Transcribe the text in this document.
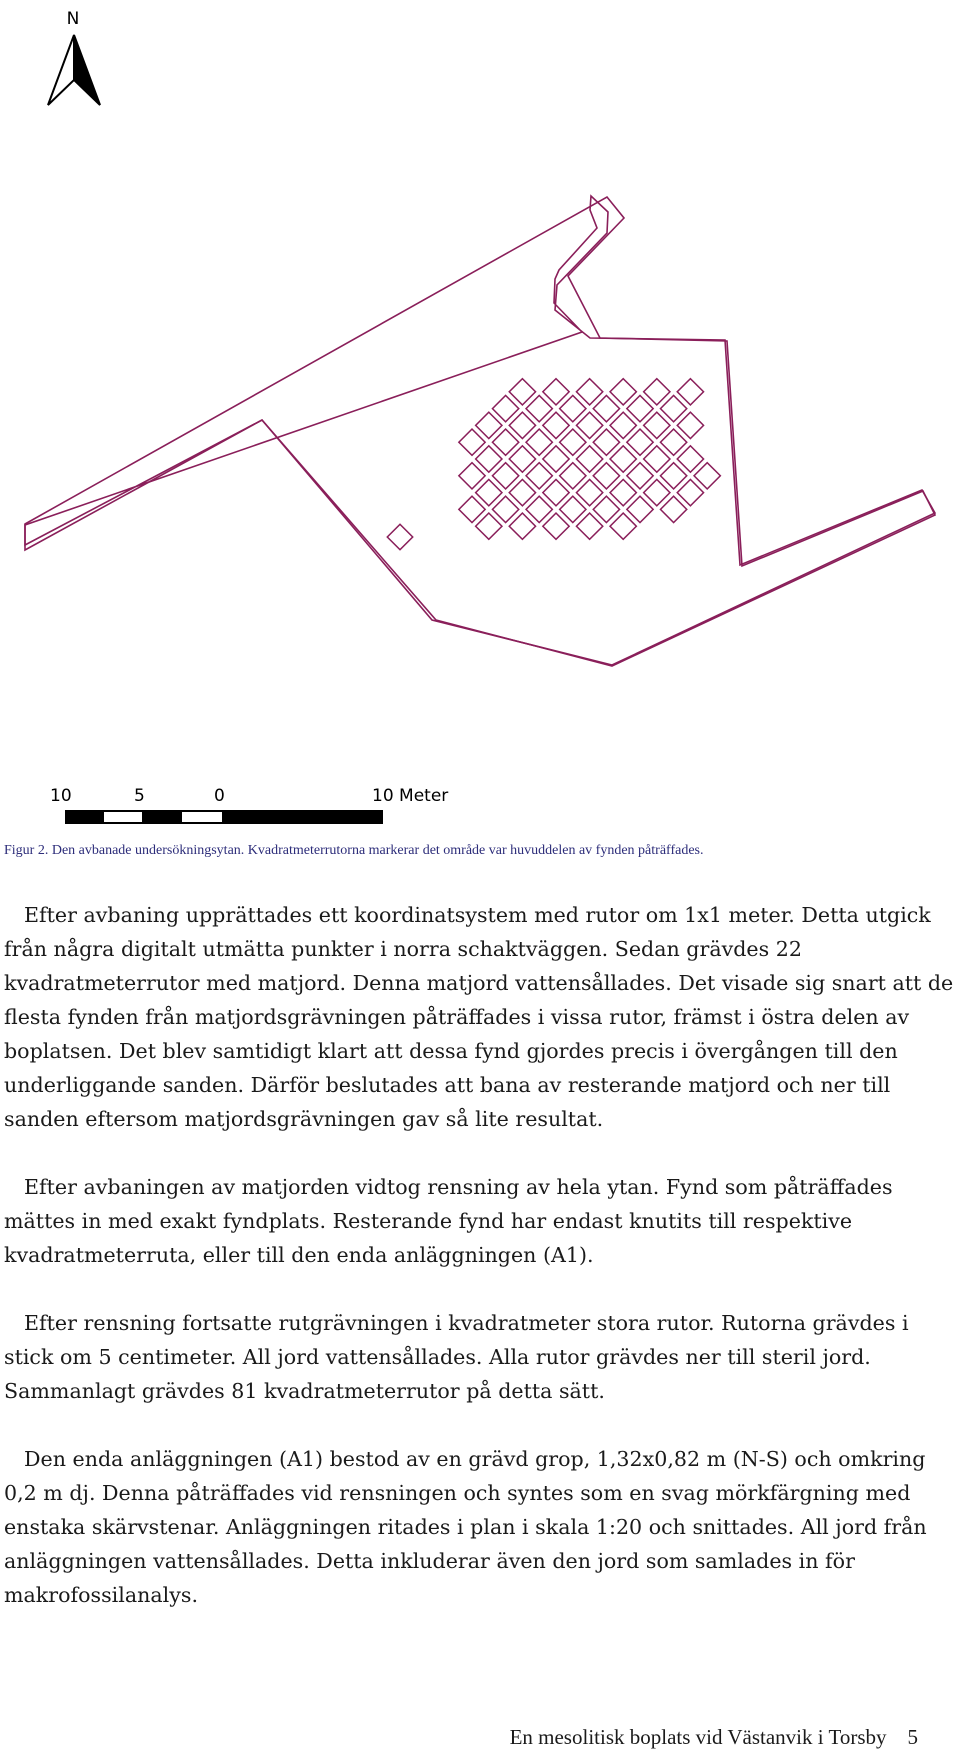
N
10	5	0	10 Meter
Figur 2. Den avbanade undersökningsytan. Kvadratmeterrutorna markerar det område var huvuddelen av fynden påträffades.

Efter avbaning upprättades ett koordinatsystem med rutor om 1x1 meter. Detta utgick från några digitalt utmätta punkter i norra schaktväggen. Sedan grävdes 22 kvadratmeterrutor med matjord. Denna matjord vattensållades. Det visade sig snart att de flesta fynden från matjordsgrävningen påträffades i vissa rutor, främst i östra delen av boplatsen. Det blev samtidigt klart att dessa fynd gjordes precis i övergången till den underliggande sanden. Därför beslutades att bana av resterande matjord och ner till sanden eftersom matjordsgrävningen gav så lite resultat.

Efter avbaningen av matjorden vidtog rensning av hela ytan. Fynd som påträffades mättes in med exakt fyndplats. Resterande fynd har endast knutits till respektive kvadratmeterruta, eller till den enda anläggningen (A1).

Efter rensning fortsatte rutgrävningen i kvadratmeter stora rutor. Rutorna grävdes i stick om 5 centimeter. All jord vattensållades. Alla rutor grävdes ner till steril jord. Sammanlagt grävdes 81 kvadratmeterrutor på detta sätt.

Den enda anläggningen (A1) bestod av en grävd grop, 1,32x0,82 m (N-S) och omkring 0,2 m dj. Denna påträffades vid rensningen och syntes som en svag mörkfärgning med enstaka skärvstenar. Anläggningen ritades i plan i skala 1:20 och snittades. All jord från anläggningen vattensållades. Detta inkluderar även den jord som samlades in för makrofossilanalys.

En mesolitisk boplats vid Västanvik i Torsby 5
